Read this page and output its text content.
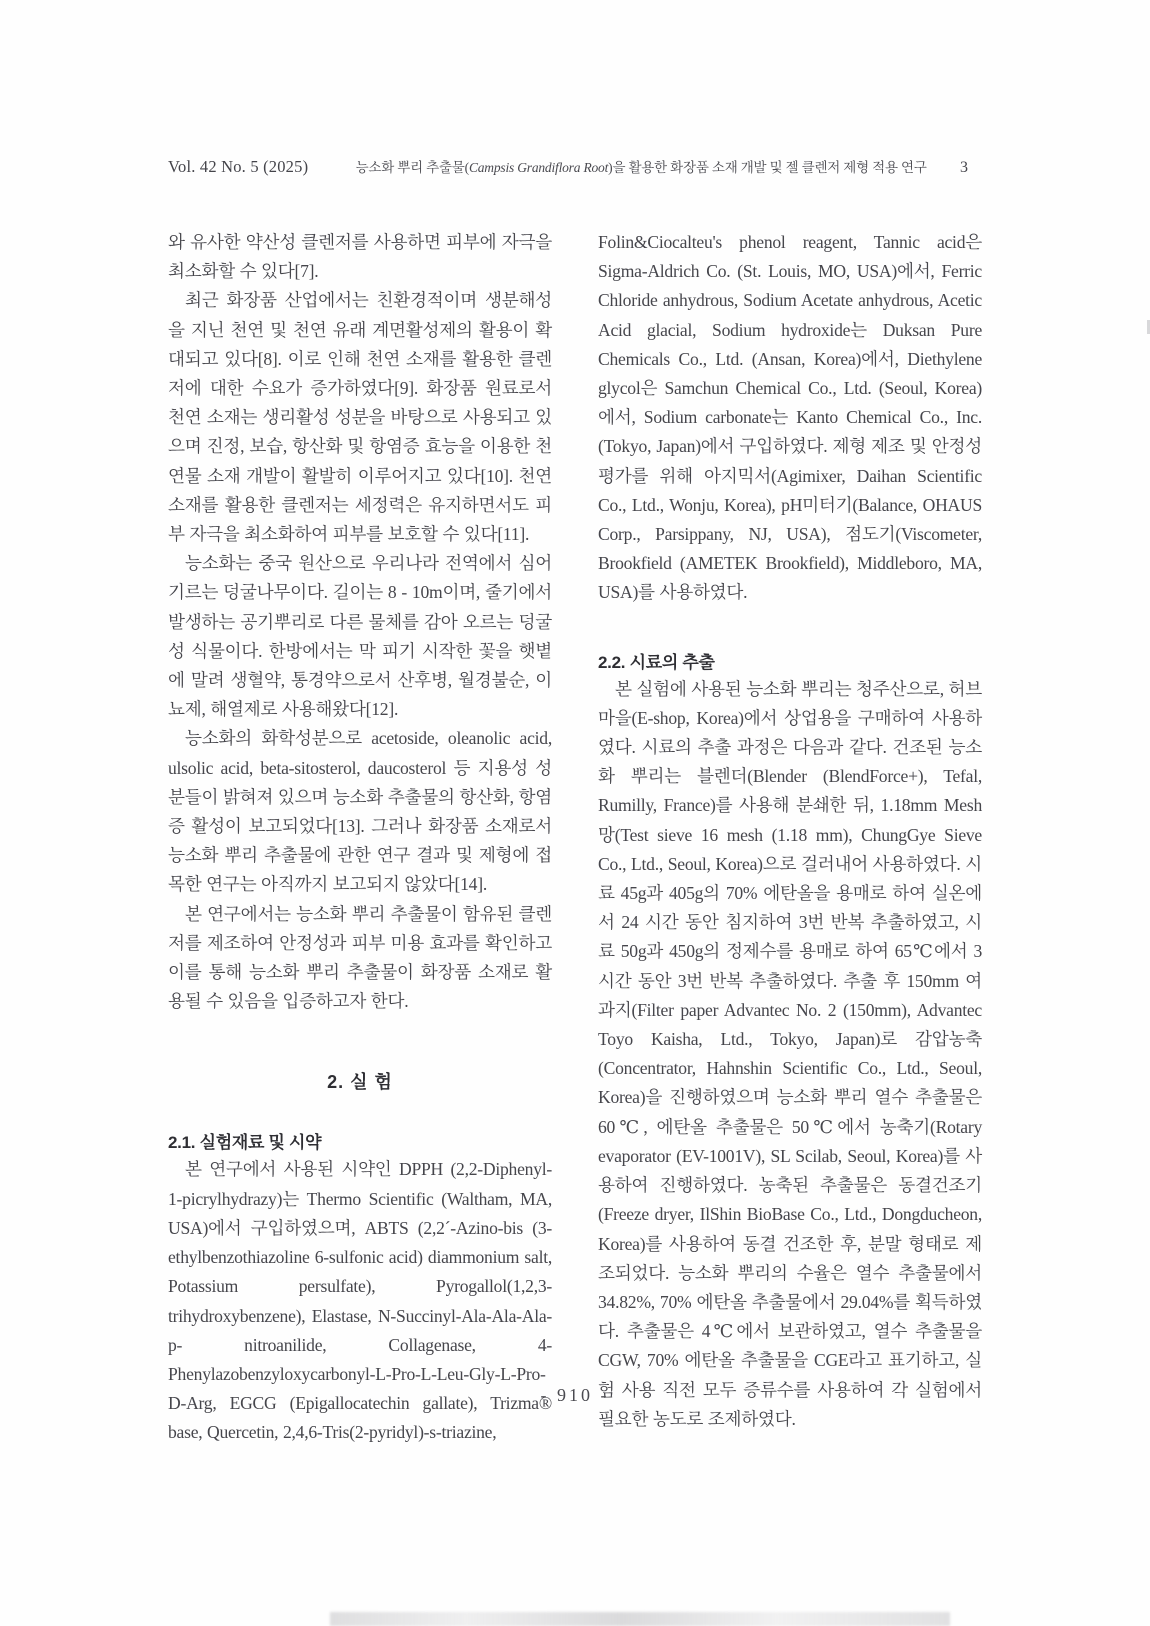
Vol. 42 No. 5 (2025)	능소화 뿌리 추출물(Campsis Grandiflora Root)을 활용한 화장품 소재 개발 및 젤 클렌저 제형 적용 연구	3

와 유사한 약산성 클렌저를 사용하면 피부에 자극을 최소화할 수 있다[7].

최근 화장품 산업에서는 친환경적이며 생분해성을 지닌 천연 및 천연 유래 계면활성제의 활용이 확대되고 있다[8]. 이로 인해 천연 소재를 활용한 클렌저에 대한 수요가 증가하였다[9]. 화장품 원료로서 천연 소재는 생리활성 성분을 바탕으로 사용되고 있으며 진정, 보습, 항산화 및 항염증 효능을 이용한 천연물 소재 개발이 활발히 이루어지고 있다[10]. 천연 소재를 활용한 클렌저는 세정력은 유지하면서도 피부 자극을 최소화하여 피부를 보호할 수 있다[11].

능소화는 중국 원산으로 우리나라 전역에서 심어 기르는 덩굴나무이다. 길이는 8 - 10m이며, 줄기에서 발생하는 공기뿌리로 다른 물체를 감아 오르는 덩굴성 식물이다. 한방에서는 막 피기 시작한 꽃을 햇볕에 말려 생혈약, 통경약으로서 산후병, 월경불순, 이뇨제, 해열제로 사용해왔다[12].

능소화의 화학성분으로 acetoside, oleanolic acid, ulsolic acid, beta-sitosterol, daucosterol 등 지용성 성분들이 밝혀져 있으며 능소화 추출물의 항산화, 항염증 활성이 보고되었다[13]. 그러나 화장품 소재로서 능소화 뿌리 추출물에 관한 연구 결과 및 제형에 접목한 연구는 아직까지 보고되지 않았다[14].

본 연구에서는 능소화 뿌리 추출물이 함유된 클렌저를 제조하여 안정성과 피부 미용 효과를 확인하고 이를 통해 능소화 뿌리 추출물이 화장품 소재로 활용될 수 있음을 입증하고자 한다.

2. 실 험
2.1. 실험재료 및 시약

본 연구에서 사용된 시약인 DPPH (2,2-Diphenyl-1-picrylhydrazy)는 Thermo Scientific (Waltham, MA, USA)에서 구입하였으며, ABTS (2,2´-Azino-bis (3-ethylbenzothiazoline 6-sulfonic acid) diammonium salt, Potassium persulfate), Pyrogallol(1,2,3-trihydroxybenzene), Elastase, N-Succinyl-Ala-Ala-Ala-p- nitroanilide, Collagenase, 4-Phenylazobenzyloxycarbonyl-L-Pro-L-Leu-Gly-L-Pro-D-Arg, EGCG (Epigallocatechin gallate), Trizma® base, Quercetin, 2,4,6-Tris(2-pyridyl)-s-triazine,

Folin&Ciocalteu's phenol reagent, Tannic acid은 Sigma-Aldrich Co. (St. Louis, MO, USA)에서, Ferric Chloride anhydrous, Sodium Acetate anhydrous, Acetic Acid glacial, Sodium hydroxide는 Duksan Pure Chemicals Co., Ltd. (Ansan, Korea)에서, Diethylene glycol은 Samchun Chemical Co., Ltd. (Seoul, Korea)에서, Sodium carbonate는 Kanto Chemical Co., Inc. (Tokyo, Japan)에서 구입하였다. 제형 제조 및 안정성 평가를 위해 아지믹서(Agimixer, Daihan Scientific Co., Ltd., Wonju, Korea), pH미터기(Balance, OHAUS Corp., Parsippany, NJ, USA), 점도기(Viscometer, Brookfield (AMETEK Brookfield), Middleboro, MA, USA)를 사용하였다.

2.2. 시료의 추출

본 실험에 사용된 능소화 뿌리는 청주산으로, 허브마을(E-shop, Korea)에서 상업용을 구매하여 사용하였다. 시료의 추출 과정은 다음과 같다. 건조된 능소화 뿌리는 블렌더(Blender (BlendForce+), Tefal, Rumilly, France)를 사용해 분쇄한 뒤, 1.18mm Mesh망(Test sieve 16 mesh (1.18 mm), ChungGye Sieve Co., Ltd., Seoul, Korea)으로 걸러내어 사용하였다. 시료 45g과 405g의 70% 에탄올을 용매로 하여 실온에서 24 시간 동안 침지하여 3번 반복 추출하였고, 시료 50g과 450g의 정제수를 용매로 하여 65℃에서 3 시간 동안 3번 반복 추출하였다. 추출 후 150mm 여과지(Filter paper Advantec No. 2 (150mm), Advantec Toyo Kaisha, Ltd., Tokyo, Japan)로 감압농축(Concentrator, Hahnshin Scientific Co., Ltd., Seoul, Korea)을 진행하였으며 능소화 뿌리 열수 추출물은 60℃, 에탄올 추출물은 50℃에서 농축기(Rotary evaporator (EV-1001V), SL Scilab, Seoul, Korea)를 사용하여 진행하였다. 농축된 추출물은 동결건조기 (Freeze dryer, IlShin BioBase Co., Ltd., Dongducheon, Korea)를 사용하여 동결 건조한 후, 분말 형태로 제조되었다. 능소화 뿌리의 수율은 열수 추출물에서 34.82%, 70% 에탄올 추출물에서 29.04%를 획득하였다. 추출물은 4℃에서 보관하였고, 열수 추출물을 CGW, 70% 에탄올 추출물을 CGE라고 표기하고, 실험 사용 직전 모두 증류수를 사용하여 각 실험에서 필요한 농도로 조제하였다.

- 910 -
